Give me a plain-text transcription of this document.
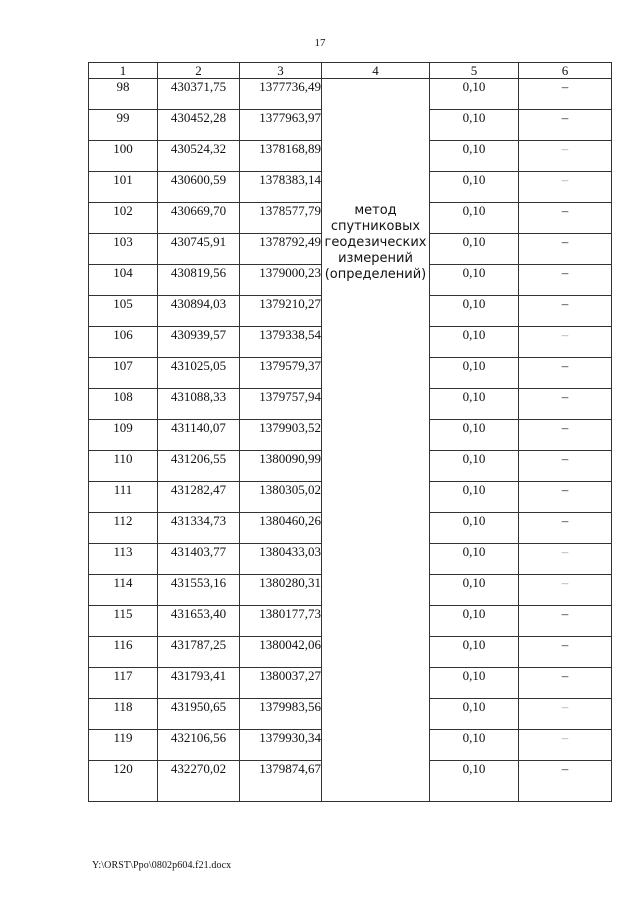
17
1	2	3	4	5	6
98	430371,75	1377736,49	метод спутниковых геодезических измерений (определений)	0,10	–
99	430452,28	1377963,97		0,10	–
100	430524,32	1378168,89		0,10	–
101	430600,59	1378383,14		0,10	–
102	430669,70	1378577,79		0,10	–
103	430745,91	1378792,49		0,10	–
104	430819,56	1379000,23		0,10	–
105	430894,03	1379210,27		0,10	–
106	430939,57	1379338,54		0,10	–
107	431025,05	1379579,37		0,10	–
108	431088,33	1379757,94		0,10	–
109	431140,07	1379903,52		0,10	–
110	431206,55	1380090,99		0,10	–
111	431282,47	1380305,02		0,10	–
112	431334,73	1380460,26		0,10	–
113	431403,77	1380433,03		0,10	–
114	431553,16	1380280,31		0,10	–
115	431653,40	1380177,73		0,10	–
116	431787,25	1380042,06		0,10	–
117	431793,41	1380037,27		0,10	–
118	431950,65	1379983,56		0,10	–
119	432106,56	1379930,34		0,10	–
120	432270,02	1379874,67		0,10	–
Y:\ORST\Ppo\0802p604.f21.docx
